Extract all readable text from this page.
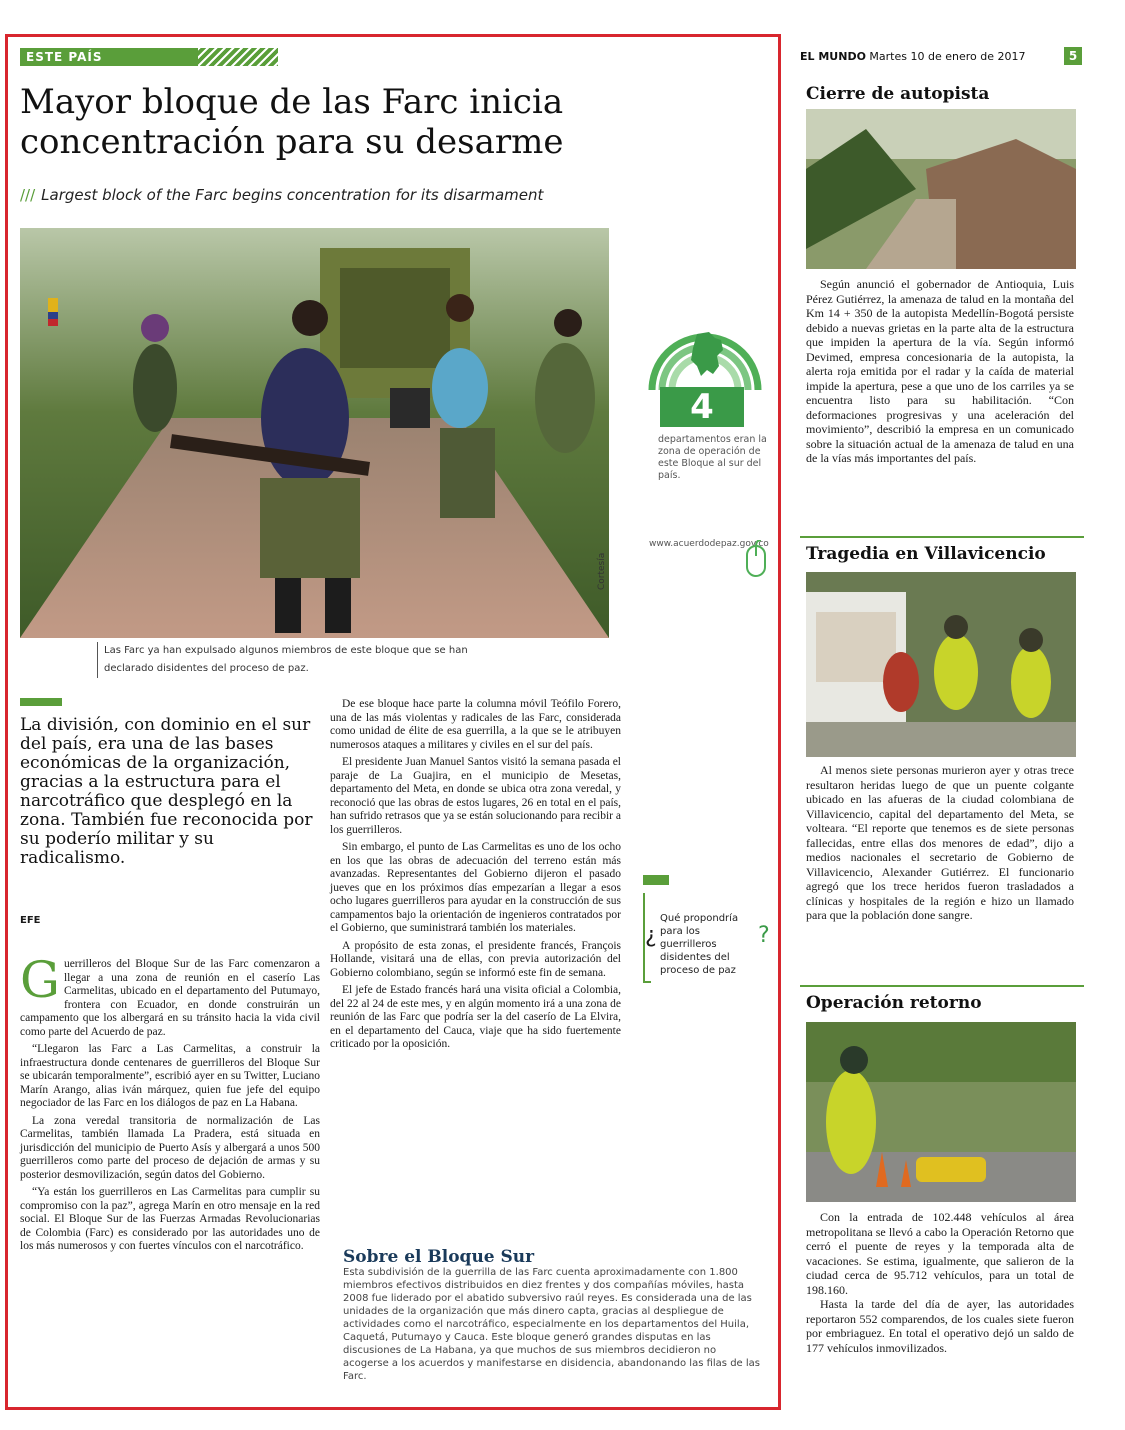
ESTE PAÍS	EL MUNDO Martes 10 de enero de 2017	5
Mayor bloque de las Farc inicia concentración para su desarme
/// Largest block of the Farc begins concentration for its disarmament
Cortesía
Las Farc ya han expulsado algunos miembros de este bloque que se han declarado disidentes del proceso de paz.
4
departamentos eran la zona de operación de este Bloque al sur del país.
www.acuerdodepaz.gov.co
La división, con dominio en el sur del país, era una de las bases económicas de la organización, gracias a la estructura para el narcotráfico que desplegó en la zona. También fue reconocida por su poderío militar y su radicalismo.
EFE

Guerrilleros del Bloque Sur de las Farc comenzaron a llegar a una zona de reunión en el caserío Las Carmelitas, ubicado en el departamento del Putumayo, frontera con Ecuador, en donde construirán un campamento que los albergará en su tránsito hacia la vida civil como parte del Acuerdo de paz.

“Llegaron las Farc a Las Carmelitas, a construir la infraestructura donde centenares de guerrilleros del Bloque Sur se ubicarán temporalmente”, escribió ayer en su Twitter, Luciano Marín Arango, alias iván márquez, quien fue jefe del equipo negociador de las Farc en los diálogos de paz en La Habana.

La zona veredal transitoria de normalización de Las Carmelitas, también llamada La Pradera, está situada en jurisdicción del municipio de Puerto Asís y albergará a unos 500 guerrilleros como parte del proceso de dejación de armas y su posterior desmovilización, según datos del Gobierno.

“Ya están los guerrilleros en Las Carmelitas para cumplir su compromiso con la paz”, agrega Marín en otro mensaje en la red social. El Bloque Sur de las Fuerzas Armadas Revolucionarias de Colombia (Farc) es considerado por las autoridades uno de los más numerosos y con fuertes vínculos con el narcotráfico.

De ese bloque hace parte la columna móvil Teófilo Forero, una de las más violentas y radicales de las Farc, considerada como unidad de élite de esa guerrilla, a la que se le atribuyen numerosos ataques a militares y civiles en el sur del país.

El presidente Juan Manuel Santos visitó la semana pasada el paraje de La Guajira, en el municipio de Mesetas, departamento del Meta, en donde se ubica otra zona veredal, y reconoció que las obras de estos lugares, 26 en total en el país, han sufrido retrasos que ya se están solucionando para recibir a los guerrilleros.

Sin embargo, el punto de Las Carmelitas es uno de los ocho en los que las obras de adecuación del terreno están más avanzadas. Representantes del Gobierno dijeron el pasado jueves que en los próximos días empezarían a llegar a esos ocho lugares guerrilleros para ayudar en la construcción de sus campamentos bajo la orientación de ingenieros contratados por el Gobierno, que suministrará también los materiales.

A propósito de esta zonas, el presidente francés, François Hollande, visitará una de ellas, con previa autorización del Gobierno colombiano, según se informó este fin de semana.

El jefe de Estado francés hará una visita oficial a Colombia, del 22 al 24 de este mes, y en algún momento irá a una zona de reunión de las Farc que podría ser la del caserío de La Elvira, en el departamento del Cauca, viaje que ha sido fuertemente criticado por la oposición.

¿
Qué propondría para los guerrilleros disidentes del proceso de paz
?
Sobre el Bloque Sur
Esta subdivisión de la guerrilla de las Farc cuenta aproximadamente con 1.800 miembros efectivos distribuidos en diez frentes y dos compañías móviles, hasta 2008 fue liderado por el abatido subversivo raúl reyes. Es considerada una de las unidades de la organización que más dinero capta, gracias al despliegue de actividades como el narcotráfico, especialmente en los departamentos del Huila, Caquetá, Putumayo y Cauca. Este bloque generó grandes disputas en las discusiones de La Habana, ya que muchos de sus miembros decidieron no acogerse a los acuerdos y manifestarse en disidencia, abandonando las filas de las Farc.
Cierre de autopista

Según anunció el gobernador de Antioquia, Luis Pérez Gutiérrez, la amenaza de talud en la montaña del Km 14 + 350 de la autopista Medellín-Bogotá persiste debido a nuevas grietas en la parte alta de la estructura que impiden la apertura de la vía. Según informó Devimed, empresa concesionaria de la autopista, la alerta roja emitida por el radar y la caída de material impide la apertura, pese a que uno de los carriles ya se encuentra listo para su habilitación. “Con deformaciones progresivas y una aceleración del movimiento”, describió la empresa en un comunicado sobre la situación actual de la amenaza de talud en una de la vías más importantes del país.

Tragedia en Villavicencio

Al menos siete personas murieron ayer y otras trece resultaron heridas luego de que un puente colgante ubicado en las afueras de la ciudad colombiana de Villavicencio, capital del departamento del Meta, se volteara. “El reporte que tenemos es de siete personas fallecidas, entre ellas dos menores de edad”, dijo a medios nacionales el secretario de Gobierno de Villavicencio, Alexander Gutiérrez. El funcionario agregó que los trece heridos fueron trasladados a clínicas y hospitales de la región e hizo un llamado para que la población done sangre.

Operación retorno

Con la entrada de 102.448 vehículos al área metropolitana se llevó a cabo la Operación Retorno que cerró el puente de reyes y la temporada alta de vacaciones. Se estima, igualmente, que salieron de la ciudad cerca de 95.712 vehículos, para un total de 198.160.

Hasta la tarde del día de ayer, las autoridades reportaron 552 comparendos, de los cuales siete fueron por embriaguez. En total el operativo dejó un saldo de 177 vehículos inmovilizados.
